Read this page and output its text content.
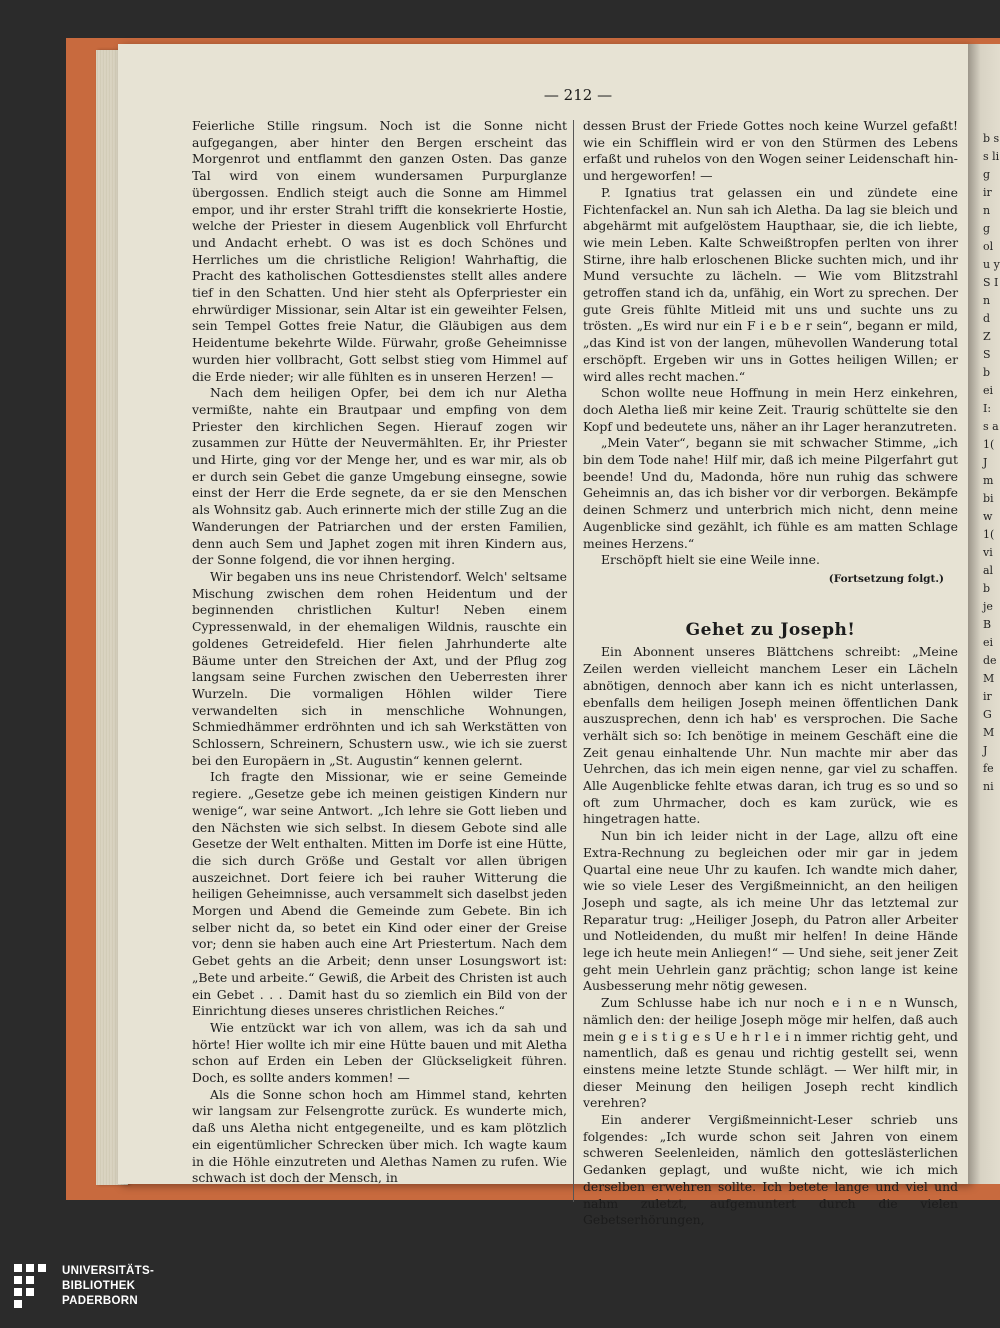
b s s li g ir n g ol u y S I n d Z S b ei I: s a 1( J m bi w 1( vi al b je B ei de M ir G M J fe ni
— 212 —

Feierliche Stille ringsum. Noch ist die Sonne nicht aufgegangen, aber hinter den Bergen erscheint das Morgenrot und entflammt den ganzen Osten. Das ganze Tal wird von einem wundersamen Purpurglanze übergossen. Endlich steigt auch die Sonne am Himmel empor, und ihr erster Strahl trifft die konsekrierte Hostie, welche der Priester in diesem Augenblick voll Ehrfurcht und Andacht erhebt. O was ist es doch Schönes und Herrliches um die christliche Religion! Wahrhaftig, die Pracht des katholischen Gottesdienstes stellt alles andere tief in den Schatten. Und hier steht als Opferpriester ein ehrwürdiger Missionar, sein Altar ist ein geweihter Felsen, sein Tempel Gottes freie Natur, die Gläubigen aus dem Heidentume bekehrte Wilde. Fürwahr, große Geheimnisse wurden hier vollbracht, Gott selbst stieg vom Himmel auf die Erde nieder; wir alle fühlten es in unseren Herzen! —

Nach dem heiligen Opfer, bei dem ich nur Aletha vermißte, nahte ein Brautpaar und empfing von dem Priester den kirchlichen Segen. Hierauf zogen wir zusammen zur Hütte der Neuvermählten. Er, ihr Priester und Hirte, ging vor der Menge her, und es war mir, als ob er durch sein Gebet die ganze Umgebung einsegne, sowie einst der Herr die Erde segnete, da er sie den Menschen als Wohnsitz gab. Auch erinnerte mich der stille Zug an die Wanderungen der Patriarchen und der ersten Familien, denn auch Sem und Japhet zogen mit ihren Kindern aus, der Sonne folgend, die vor ihnen herging.

Wir begaben uns ins neue Christendorf. Welch' seltsame Mischung zwischen dem rohen Heidentum und der beginnenden christlichen Kultur! Neben einem Cypressenwald, in der ehemaligen Wildnis, rauschte ein goldenes Getreidefeld. Hier fielen Jahrhunderte alte Bäume unter den Streichen der Axt, und der Pflug zog langsam seine Furchen zwischen den Ueberresten ihrer Wurzeln. Die vormaligen Höhlen wilder Tiere verwandelten sich in menschliche Wohnungen, Schmiedhämmer erdröhnten und ich sah Werkstätten von Schlossern, Schreinern, Schustern usw., wie ich sie zuerst bei den Europäern in „St. Augustin“ kennen gelernt.

Ich fragte den Missionar, wie er seine Gemeinde regiere. „Gesetze gebe ich meinen geistigen Kindern nur wenige“, war seine Antwort. „Ich lehre sie Gott lieben und den Nächsten wie sich selbst. In diesem Gebote sind alle Gesetze der Welt enthalten. Mitten im Dorfe ist eine Hütte, die sich durch Größe und Gestalt vor allen übrigen auszeichnet. Dort feiere ich bei rauher Witterung die heiligen Geheimnisse, auch versammelt sich daselbst jeden Morgen und Abend die Gemeinde zum Gebete. Bin ich selber nicht da, so betet ein Kind oder einer der Greise vor; denn sie haben auch eine Art Priestertum. Nach dem Gebet gehts an die Arbeit; denn unser Losungswort ist: „Bete und arbeite.“ Gewiß, die Arbeit des Christen ist auch ein Gebet . . . Damit hast du so ziemlich ein Bild von der Einrichtung dieses unseres christlichen Reiches.“

Wie entzückt war ich von allem, was ich da sah und hörte! Hier wollte ich mir eine Hütte bauen und mit Aletha schon auf Erden ein Leben der Glückseligkeit führen. Doch, es sollte anders kommen! —

Als die Sonne schon hoch am Himmel stand, kehrten wir langsam zur Felsengrotte zurück. Es wunderte mich, daß uns Aletha nicht entgegeneilte, und es kam plötzlich ein eigentümlicher Schrecken über mich. Ich wagte kaum in die Höhle einzutreten und Alethas Namen zu rufen. Wie schwach ist doch der Mensch, in

dessen Brust der Friede Gottes noch keine Wurzel gefaßt! wie ein Schifflein wird er von den Stürmen des Lebens erfaßt und ruhelos von den Wogen seiner Leidenschaft hin- und hergeworfen! —

P. Ignatius trat gelassen ein und zündete eine Fichtenfackel an. Nun sah ich Aletha. Da lag sie bleich und abgehärmt mit aufgelöstem Haupthaar, sie, die ich liebte, wie mein Leben. Kalte Schweißtropfen perlten von ihrer Stirne, ihre halb erloschenen Blicke suchten mich, und ihr Mund versuchte zu lächeln. — Wie vom Blitzstrahl getroffen stand ich da, unfähig, ein Wort zu sprechen. Der gute Greis fühlte Mitleid mit uns und suchte uns zu trösten. „Es wird nur ein F i e b e r sein“, begann er mild, „das Kind ist von der langen, mühevollen Wanderung total erschöpft. Ergeben wir uns in Gottes heiligen Willen; er wird alles recht machen.“

Schon wollte neue Hoffnung in mein Herz einkehren, doch Aletha ließ mir keine Zeit. Traurig schüttelte sie den Kopf und bedeutete uns, näher an ihr Lager heranzutreten.

„Mein Vater“, begann sie mit schwacher Stimme, „ich bin dem Tode nahe! Hilf mir, daß ich meine Pilgerfahrt gut beende! Und du, Madonda, höre nun ruhig das schwere Geheimnis an, das ich bisher vor dir verborgen. Bekämpfe deinen Schmerz und unterbrich mich nicht, denn meine Augenblicke sind gezählt, ich fühle es am matten Schlage meines Herzens.“

Erschöpft hielt sie eine Weile inne.

(Fortsetzung folgt.)

Gehet zu Joseph!

Ein Abonnent unseres Blättchens schreibt: „Meine Zeilen werden vielleicht manchem Leser ein Lächeln abnötigen, dennoch aber kann ich es nicht unterlassen, ebenfalls dem heiligen Joseph meinen öffentlichen Dank auszusprechen, denn ich hab' es versprochen. Die Sache verhält sich so: Ich benötige in meinem Geschäft eine die Zeit genau einhaltende Uhr. Nun machte mir aber das Uehrchen, das ich mein eigen nenne, gar viel zu schaffen. Alle Augenblicke fehlte etwas daran, ich trug es so und so oft zum Uhrmacher, doch es kam zurück, wie es hingetragen hatte.

Nun bin ich leider nicht in der Lage, allzu oft eine Extra-Rechnung zu begleichen oder mir gar in jedem Quartal eine neue Uhr zu kaufen. Ich wandte mich daher, wie so viele Leser des Vergißmeinnicht, an den heiligen Joseph und sagte, als ich meine Uhr das letztemal zur Reparatur trug: „Heiliger Joseph, du Patron aller Arbeiter und Notleidenden, du mußt mir helfen! In deine Hände lege ich heute mein Anliegen!“ — Und siehe, seit jener Zeit geht mein Uehrlein ganz prächtig; schon lange ist keine Ausbesserung mehr nötig gewesen.

Zum Schlusse habe ich nur noch e i n e n Wunsch, nämlich den: der heilige Joseph möge mir helfen, daß auch mein g e i s t i g e s U e h r l e i n immer richtig geht, und namentlich, daß es genau und richtig gestellt sei, wenn einstens meine letzte Stunde schlägt. — Wer hilft mir, in dieser Meinung den heiligen Joseph recht kindlich verehren?

Ein anderer Vergißmeinnicht-Leser schrieb uns folgendes: „Ich wurde schon seit Jahren von einem schweren Seelenleiden, nämlich den gotteslästerlichen Gedanken geplagt, und wußte nicht, wie ich mich derselben erwehren sollte. Ich betete lange und viel und nahm zuletzt, aufgemuntert durch die vielen Gebetserhörungen,

UNIVERSITÄTS-
BIBLIOTHEK
PADERBORN
